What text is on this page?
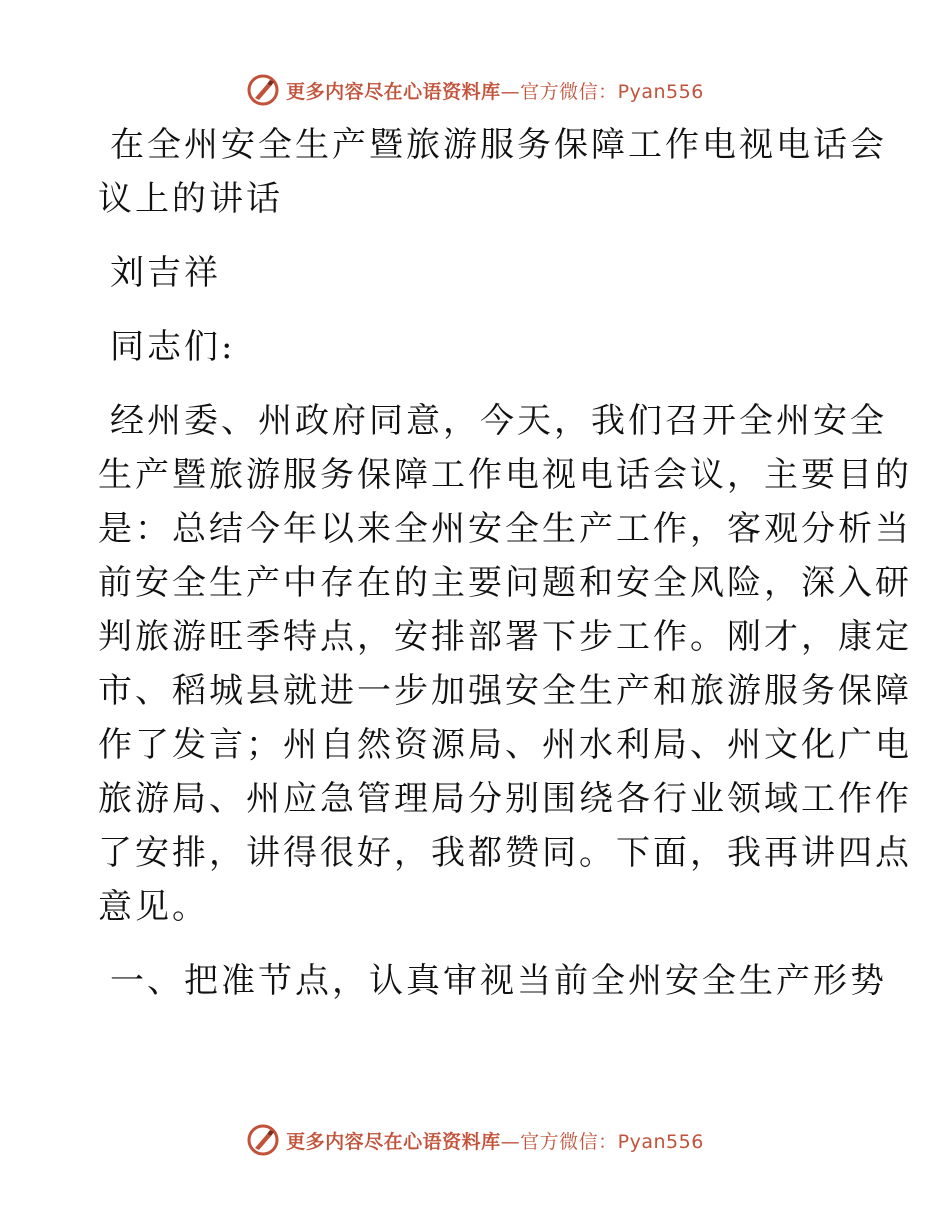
更多内容尽在心语资料库—官方微信：Pyan556
在全州安全生产暨旅游服务保障工作电视电话会
议上的讲话
刘吉祥
同志们:
经州委、州政府同意，今天，我们召开全州安全
生产暨旅游服务保障工作电视电话会议，主要目的
是：总结今年以来全州安全生产工作，客观分析当
前安全生产中存在的主要问题和安全风险，深入研
判旅游旺季特点，安排部署下步工作。刚才，康定
市、稻城县就进一步加强安全生产和旅游服务保障
作了发言；州自然资源局、州水利局、州文化广电
旅游局、州应急管理局分别围绕各行业领域工作作
了安排，讲得很好，我都赞同。下面，我再讲四点
意见。
一、把准节点，认真审视当前全州安全生产形势
更多内容尽在心语资料库—官方微信：Pyan556
